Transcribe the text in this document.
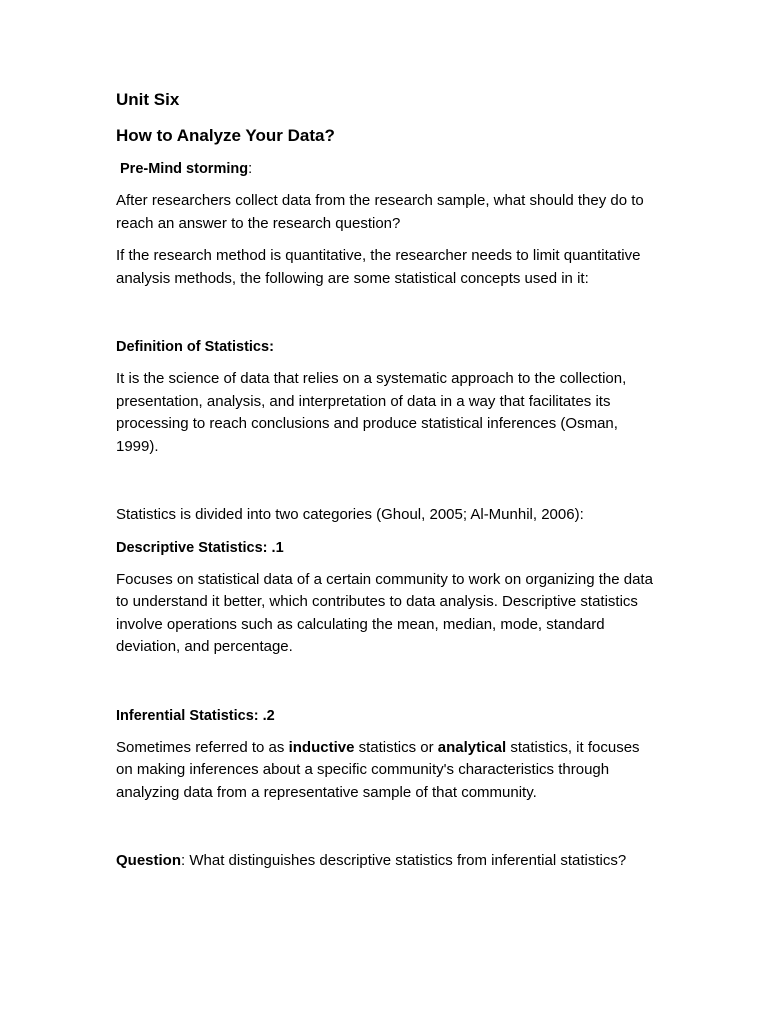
Unit Six
How to Analyze Your Data?
Pre-Mind storming:

After researchers collect data from the research sample, what should they do to reach an answer to the research question?

If the research method is quantitative, the researcher needs to limit quantitative analysis methods, the following are some statistical concepts used in it:

Definition of Statistics:

It is the science of data that relies on a systematic approach to the collection, presentation, analysis, and interpretation of data in a way that facilitates its processing to reach conclusions and produce statistical inferences (Osman, 1999).

Statistics is divided into two categories (Ghoul, 2005; Al-Munhil, 2006):

Descriptive Statistics: .1

Focuses on statistical data of a certain community to work on organizing the data to understand it better, which contributes to data analysis. Descriptive statistics involve operations such as calculating the mean, median, mode, standard deviation, and percentage.

Inferential Statistics: .2

Sometimes referred to as inductive statistics or analytical statistics, it focuses on making inferences about a specific community's characteristics through analyzing data from a representative sample of that community.

Question: What distinguishes descriptive statistics from inferential statistics?
